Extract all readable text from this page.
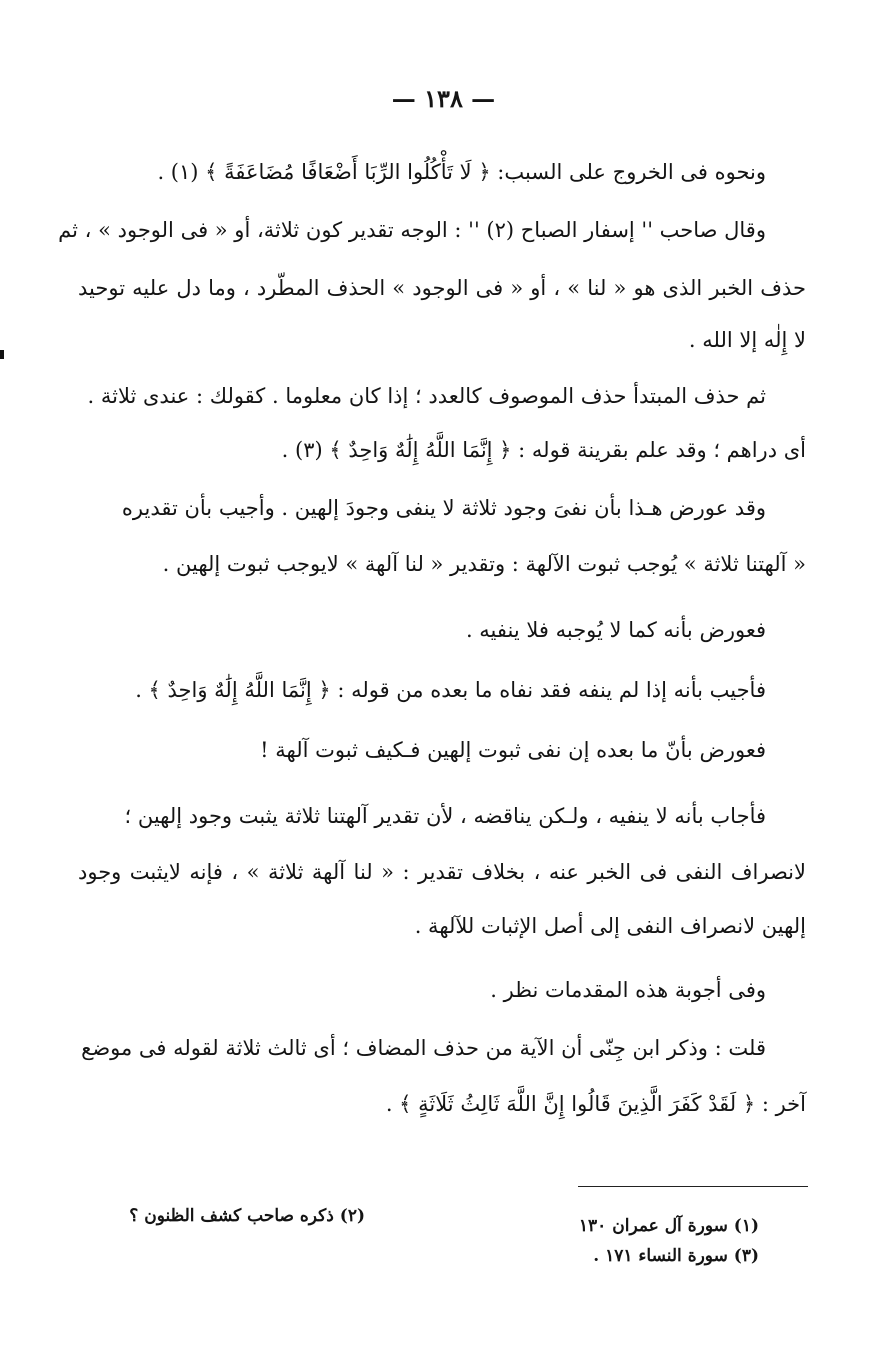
— ١٣٨ —
ونحوه فى الخروج على السبب: ﴿ لَا تَأْكُلُوا الرِّبَا أَضْعَافًا مُضَاعَفَةً ﴾ (١) .
وقال صاحب '' إسفار الصباح (٢) '' : الوجه تقدير كون ثلاثة، أو « فى الوجود » ، ثم
حذف الخبر الذى هو « لنا » ، أو « فى الوجود » الحذف المطّرد ، وما دل عليه توحيد
لا إِلٰه إلا الله .
ثم حذف المبتدأ حذف الموصوف كالعدد ؛ إذا كان معلوما . كقولك : عندى ثلاثة .
أى دراهم ؛ وقد علم بقرينة قوله : ﴿ إِنَّمَا اللَّهُ إِلَٰهٌ وَاحِدٌ ﴾ (٣) .
وقد عورض هـذا بأن نفىَ وجود ثلاثة لا ينفى وجودَ إلهين . وأجيب بأن تقديره
« آلهتنا ثلاثة » يُوجب ثبوت الآلهة : وتقدير « لنا آلهة » لايوجب ثبوت إلهين .
فعورض بأنه كما لا يُوجبه فلا ينفيه .
فأجيب بأنه إذا لم ينفه فقد نفاه ما بعده من قوله : ﴿ إِنَّمَا اللَّهُ إِلَٰهٌ وَاحِدٌ ﴾ .
فعورض بأنّ ما بعده إن نفى ثبوت إلهين فـكيف ثبوت آلهة !
فأجاب بأنه لا ينفيه ، ولـكن يناقضه ، لأن تقدير آلهتنا ثلاثة يثبت وجود إلهين ؛
لانصراف النفى فى الخبر عنه ، بخلاف تقدير : « لنا آلهة ثلاثة » ، فإنه لايثبت وجود
إلهين لانصراف النفى إلى أصل الإثبات للآلهة .
وفى أجوبة هذه المقدمات نظر .
قلت : وذكر ابن جِنّى أن الآية من حذف المضاف ؛ أى ثالث ثلاثة لقوله فى موضع
آخر : ﴿ لَقَدْ كَفَرَ الَّذِينَ قَالُوا إِنَّ اللَّهَ ثَالِثُ ثَلَاثَةٍ ﴾ .
(١) سورة آل عمران ١٣٠
(٢) ذكره صاحب كشف الظنون ؟
(٣) سورة النساء ١٧١ .
